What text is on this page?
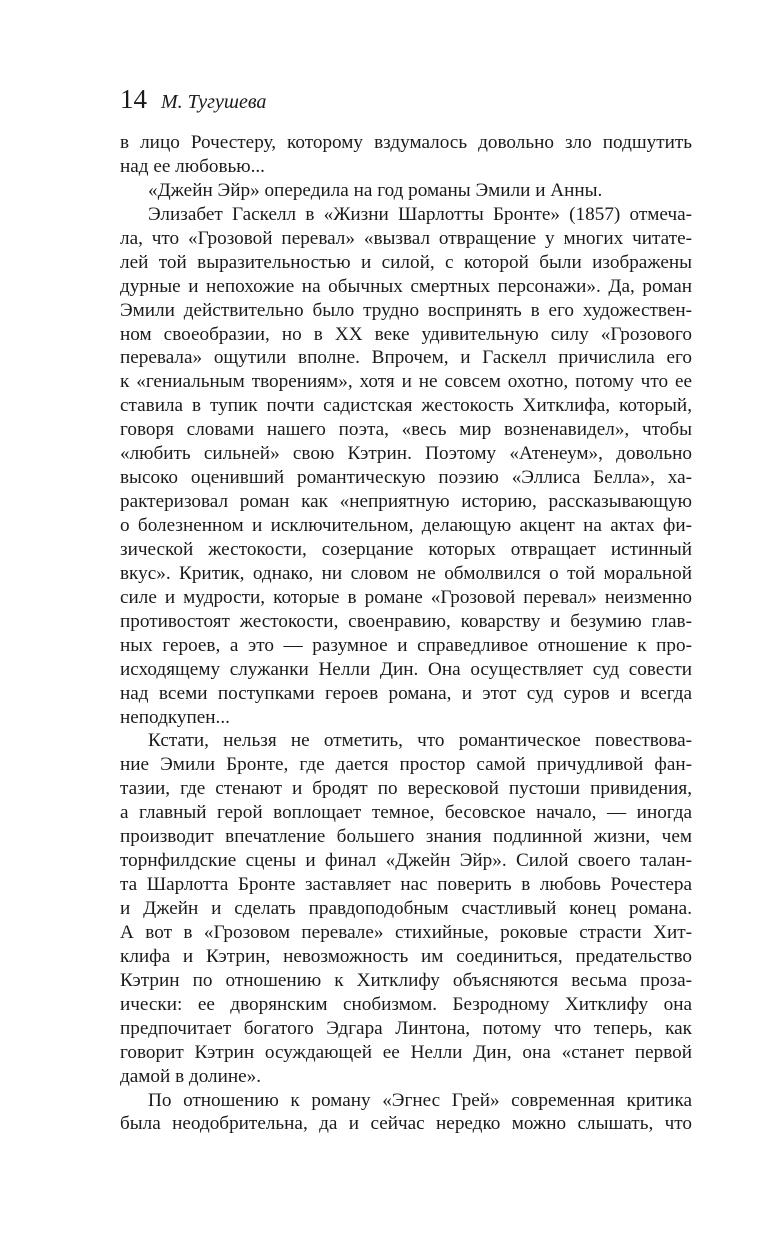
14 М. Тугушева
в лицо Рочестеру, которому вздумалось довольно зло подшутить
над ее любовью...
«Джейн Эйр» опередила на год романы Эмили и Анны.
Элизабет Гаскелл в «Жизни Шарлотты Бронте» (1857) отмеча-
ла, что «Грозовой перевал» «вызвал отвращение у многих читате-
лей той выразительностью и силой, с которой были изображены
дурные и непохожие на обычных смертных персонажи». Да, роман
Эмили действительно было трудно воспринять в его художествен-
ном своеобразии, но в XX веке удивительную силу «Грозового
перевала» ощутили вполне. Впрочем, и Гаскелл причислила его
к «гениальным творениям», хотя и не совсем охотно, потому что ее
ставила в тупик почти садистская жестокость Хитклифа, который,
говоря словами нашего поэта, «весь мир возненавидел», чтобы
«любить сильней» свою Кэтрин. Поэтому «Атенеум», довольно
высоко оценивший романтическую поэзию «Эллиса Белла», ха-
рактеризовал роман как «неприятную историю, рассказывающую
о болезненном и исключительном, делающую акцент на актах фи-
зической жестокости, созерцание которых отвращает истинный
вкус». Критик, однако, ни словом не обмолвился о той моральной
силе и мудрости, которые в романе «Грозовой перевал» неизменно
противостоят жестокости, своенравию, коварству и безумию глав-
ных героев, а это — разумное и справедливое отношение к про-
исходящему служанки Нелли Дин. Она осуществляет суд совести
над всеми поступками героев романа, и этот суд суров и всегда
неподкупен...
Кстати, нельзя не отметить, что романтическое повествова-
ние Эмили Бронте, где дается простор самой причудливой фан-
тазии, где стенают и бродят по вересковой пустоши привидения,
а главный герой воплощает темное, бесовское начало, — иногда
производит впечатление большего знания подлинной жизни, чем
торнфилдские сцены и финал «Джейн Эйр». Силой своего талан-
та Шарлотта Бронте заставляет нас поверить в любовь Рочестера
и Джейн и сделать правдоподобным счастливый конец романа.
А вот в «Грозовом перевале» стихийные, роковые страсти Хит-
клифа и Кэтрин, невозможность им соединиться, предательство
Кэтрин по отношению к Хитклифу объясняются весьма проза-
ически: ее дворянским снобизмом. Безродному Хитклифу она
предпочитает богатого Эдгара Линтона, потому что теперь, как
говорит Кэтрин осуждающей ее Нелли Дин, она «станет первой
дамой в долине».
По отношению к роману «Эгнес Грей» современная критика
была неодобрительна, да и сейчас нередко можно слышать, что
